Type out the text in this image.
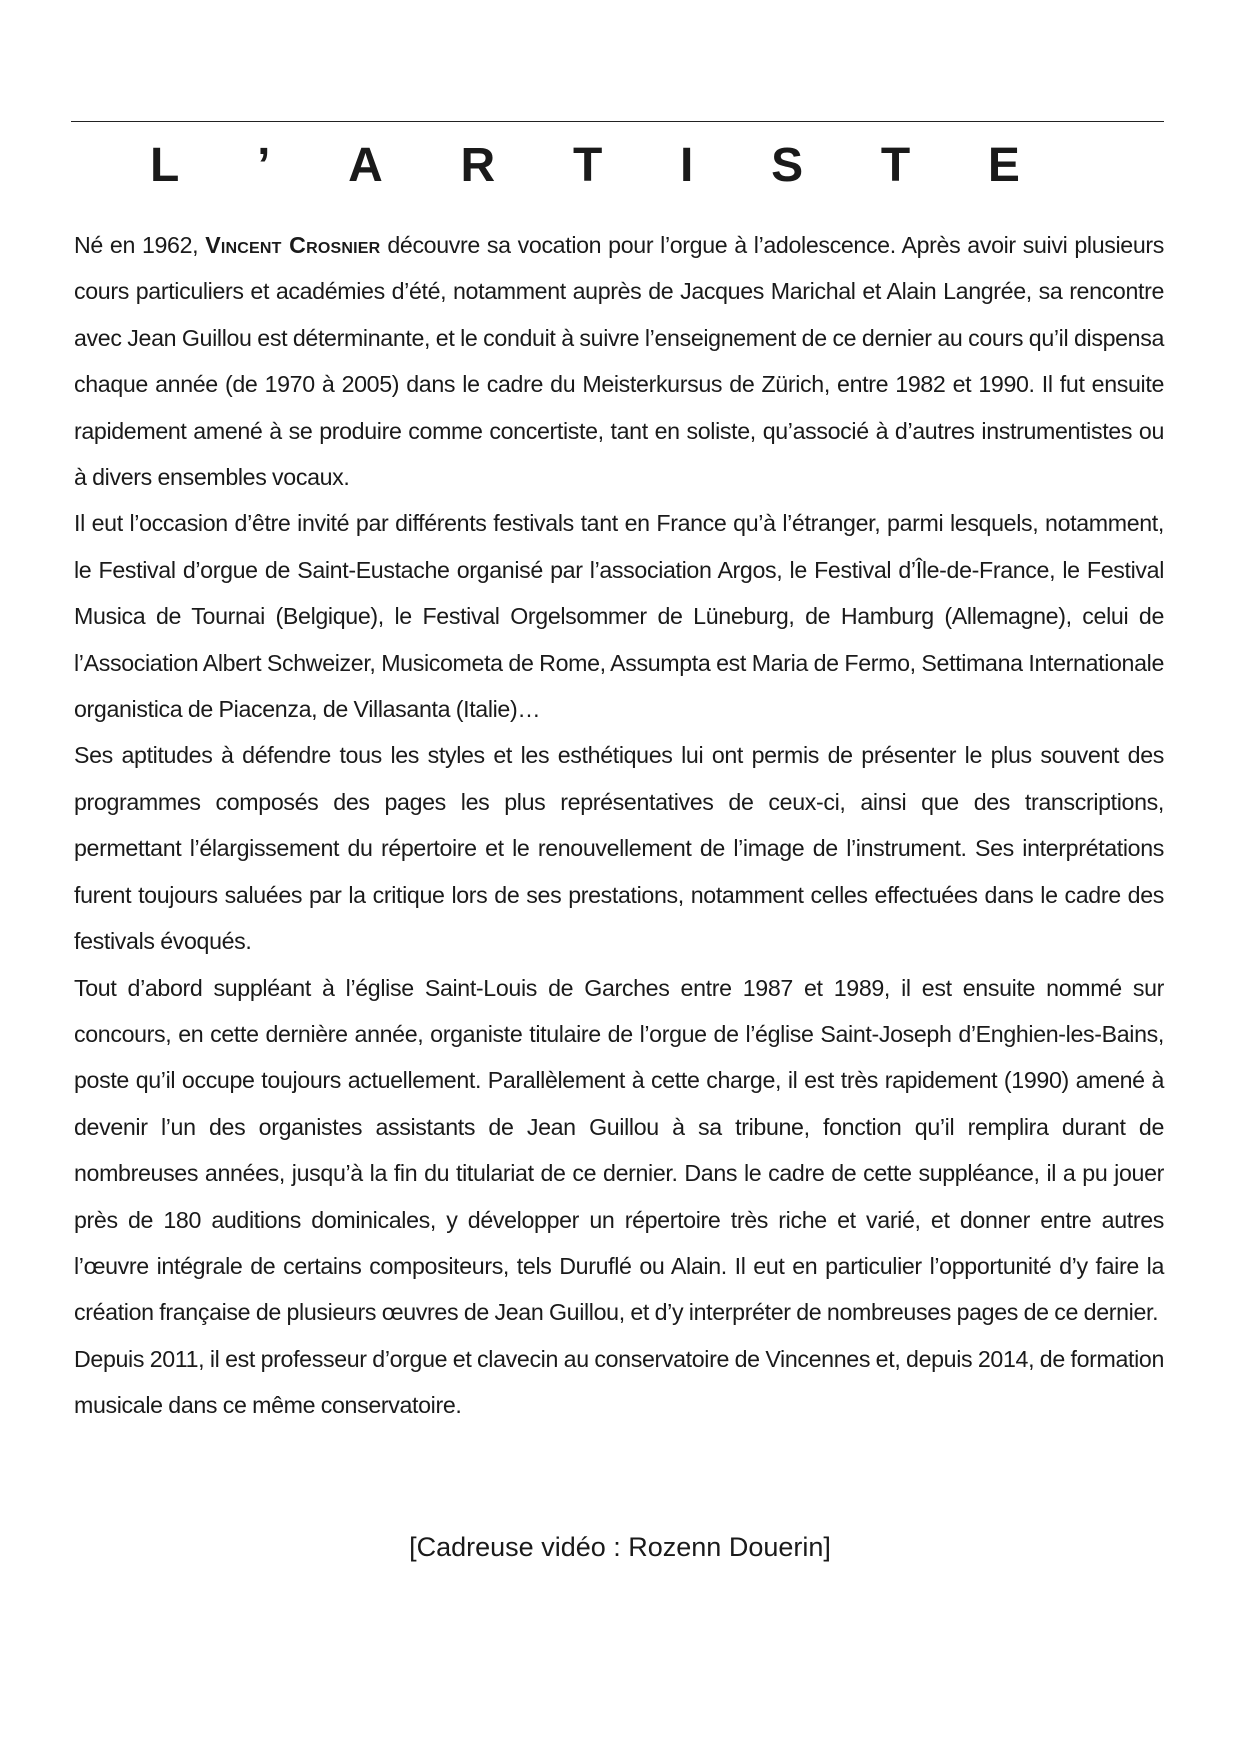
L ’ A R T I S T E

Né en 1962, Vincent Crosnier découvre sa vocation pour l’orgue à l’adolescence. Après avoir suivi plusieurs cours particuliers et académies d’été, notamment auprès de Jacques Marichal et Alain Langrée, sa rencontre avec Jean Guillou est déterminante, et le conduit à suivre l’enseignement de ce dernier au cours qu’il dispensa chaque année (de 1970 à 2005) dans le cadre du Meisterkursus de Zürich, entre 1982 et 1990. Il fut ensuite rapidement amené à se produire comme concertiste, tant en soliste, qu’associé à d’autres instrumentistes ou à divers ensembles vocaux.

Il eut l’occasion d’être invité par différents festivals tant en France qu’à l’étranger, parmi lesquels, notamment, le Festival d’orgue de Saint-Eustache organisé par l’association Argos, le Festival d’Île-de-France, le Festival Musica de Tournai (Belgique), le Festival Orgelsommer de Lüneburg, de Hamburg (Allemagne), celui de l’Association Albert Schweizer, Musicometa de Rome, Assumpta est Maria de Fermo, Settimana Internationale organistica de Piacenza, de Villasanta (Italie)…

Ses aptitudes à défendre tous les styles et les esthétiques lui ont permis de présenter le plus souvent des programmes composés des pages les plus représentatives de ceux-ci, ainsi que des transcriptions, permettant l’élargissement du répertoire et le renouvellement de l’image de l’instrument. Ses interprétations furent toujours saluées par la critique lors de ses prestations, notamment celles effectuées dans le cadre des festivals évoqués.

Tout d’abord suppléant à l’église Saint-Louis de Garches entre 1987 et 1989, il est ensuite nommé sur concours, en cette dernière année, organiste titulaire de l’orgue de l’église Saint-Joseph d’Enghien-les-Bains, poste qu’il occupe toujours actuellement. Parallèlement à cette charge, il est très rapidement (1990) amené à devenir l’un des organistes assistants de Jean Guillou à sa tribune, fonction qu’il remplira durant de nombreuses années, jusqu’à la fin du titulariat de ce dernier. Dans le cadre de cette suppléance, il a pu jouer près de 180 auditions dominicales, y développer un répertoire très riche et varié, et donner entre autres l’œuvre intégrale de certains compositeurs, tels Duruflé ou Alain. Il eut en particulier l’opportunité d’y faire la création française de plusieurs œuvres de Jean Guillou, et d’y interpréter de nombreuses pages de ce dernier.

Depuis 2011, il est professeur d’orgue et clavecin au conservatoire de Vincennes et, depuis 2014, de formation musicale dans ce même conservatoire.

[Cadreuse vidéo : Rozenn Douerin]
